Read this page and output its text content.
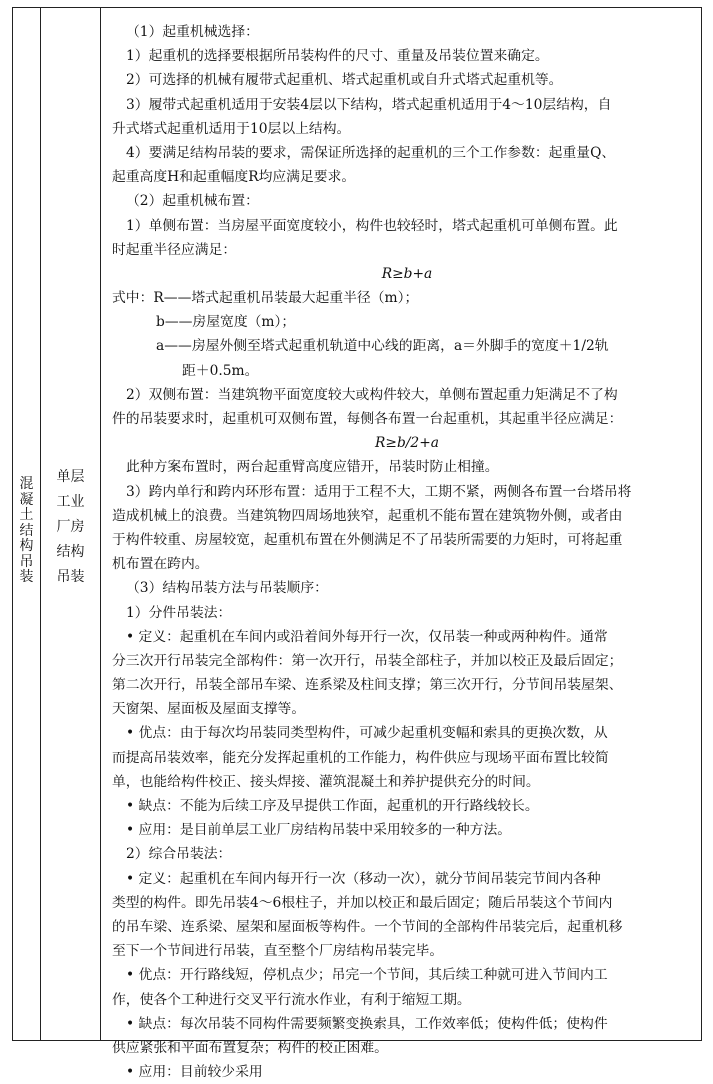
混
凝
土
结
构
吊
装
单层
工业
厂房
结构
吊装
（1）起重机械选择：
1）起重机的选择要根据所吊装构件的尺寸、重量及吊装位置来确定。
2）可选择的机械有履带式起重机、塔式起重机或自升式塔式起重机等。
3）履带式起重机适用于安装4层以下结构，塔式起重机适用于4～10层结构，自
升式塔式起重机适用于10层以上结构。
4）要满足结构吊装的要求，需保证所选择的起重机的三个工作参数：起重量Q、
起重高度H和起重幅度R均应满足要求。
（2）起重机械布置：
1）单侧布置：当房屋平面宽度较小，构件也较轻时，塔式起重机可单侧布置。此
时起重半径应满足：
R≥b+a
式中：R——塔式起重机吊装最大起重半径（m）；
b——房屋宽度（m）；
a——房屋外侧至塔式起重机轨道中心线的距离，a＝外脚手的宽度＋1/2轨
距＋0.5m。
2）双侧布置：当建筑物平面宽度较大或构件较大，单侧布置起重力矩满足不了构
件的吊装要求时，起重机可双侧布置，每侧各布置一台起重机，其起重半径应满足：
R≥b/2+a
此种方案布置时，两台起重臂高度应错开，吊装时防止相撞。
3）跨内单行和跨内环形布置：适用于工程不大，工期不紧，两侧各布置一台塔吊将
造成机械上的浪费。当建筑物四周场地狭窄，起重机不能布置在建筑物外侧，或者由
于构件较重、房屋较宽，起重机布置在外侧满足不了吊装所需要的力矩时，可将起重
机布置在跨内。
（3）结构吊装方法与吊装顺序：
1）分件吊装法：
• 定义：起重机在车间内或沿着间外每开行一次，仅吊装一种或两种构件。通常
分三次开行吊装完全部构件：第一次开行，吊装全部柱子，并加以校正及最后固定；
第二次开行，吊装全部吊车梁、连系梁及柱间支撑；第三次开行，分节间吊装屋架、
天窗架、屋面板及屋面支撑等。
• 优点：由于每次均吊装同类型构件，可减少起重机变幅和索具的更换次数，从
而提高吊装效率，能充分发挥起重机的工作能力，构件供应与现场平面布置比较简
单，也能给构件校正、接头焊接、灌筑混凝土和养护提供充分的时间。
• 缺点：不能为后续工序及早提供工作面，起重机的开行路线较长。
• 应用：是目前单层工业厂房结构吊装中采用较多的一种方法。
2）综合吊装法：
• 定义：起重机在车间内每开行一次（移动一次），就分节间吊装完节间内各种
类型的构件。即先吊装4～6根柱子，并加以校正和最后固定；随后吊装这个节间内
的吊车梁、连系梁、屋架和屋面板等构件。一个节间的全部构件吊装完后，起重机移
至下一个节间进行吊装，直至整个厂房结构吊装完毕。
• 优点：开行路线短，停机点少；吊完一个节间，其后续工种就可进入节间内工
作，使各个工种进行交叉平行流水作业，有利于缩短工期。
• 缺点：每次吊装不同构件需要频繁变换索具，工作效率低；使构件低；使构件
供应紧张和平面布置复杂；构件的校正困难。
• 应用：目前较少采用
